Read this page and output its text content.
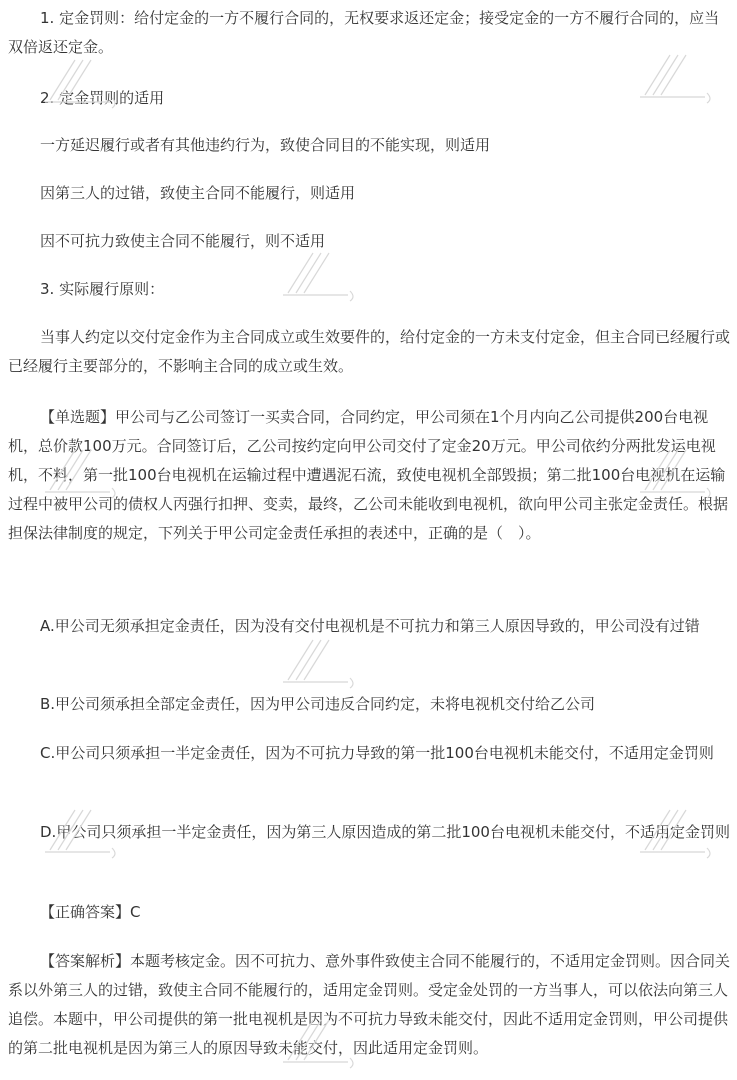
1. 定金罚则：给付定金的一方不履行合同的，无权要求返还定金；接受定金的一方不履行合同的，应当双倍返还定金。

2. 定金罚则的适用

一方延迟履行或者有其他违约行为，致使合同目的不能实现，则适用

因第三人的过错，致使主合同不能履行，则适用

因不可抗力致使主合同不能履行，则不适用

3. 实际履行原则：

当事人约定以交付定金作为主合同成立或生效要件的，给付定金的一方未支付定金，但主合同已经履行或已经履行主要部分的，不影响主合同的成立或生效。

【单选题】甲公司与乙公司签订一买卖合同，合同约定，甲公司须在1个月内向乙公司提供200台电视机，总价款100万元。合同签订后，乙公司按约定向甲公司交付了定金20万元。甲公司依约分两批发运电视机，不料，第一批100台电视机在运输过程中遭遇泥石流，致使电视机全部毁损；第二批100台电视机在运输过程中被甲公司的债权人丙强行扣押、变卖，最终，乙公司未能收到电视机，欲向甲公司主张定金责任。根据担保法律制度的规定，下列关于甲公司定金责任承担的表述中，正确的是（　）。

A.甲公司无须承担定金责任，因为没有交付电视机是不可抗力和第三人原因导致的，甲公司没有过错

B.甲公司须承担全部定金责任，因为甲公司违反合同约定，未将电视机交付给乙公司

C.甲公司只须承担一半定金责任，因为不可抗力导致的第一批100台电视机未能交付，不适用定金罚则

D.甲公司只须承担一半定金责任，因为第三人原因造成的第二批100台电视机未能交付，不适用定金罚则

【正确答案】C

【答案解析】本题考核定金。因不可抗力、意外事件致使主合同不能履行的，不适用定金罚则。因合同关系以外第三人的过错，致使主合同不能履行的，适用定金罚则。受定金处罚的一方当事人，可以依法向第三人追偿。本题中，甲公司提供的第一批电视机是因为不可抗力导致未能交付，因此不适用定金罚则，甲公司提供的第二批电视机是因为第三人的原因导致未能交付，因此适用定金罚则。
